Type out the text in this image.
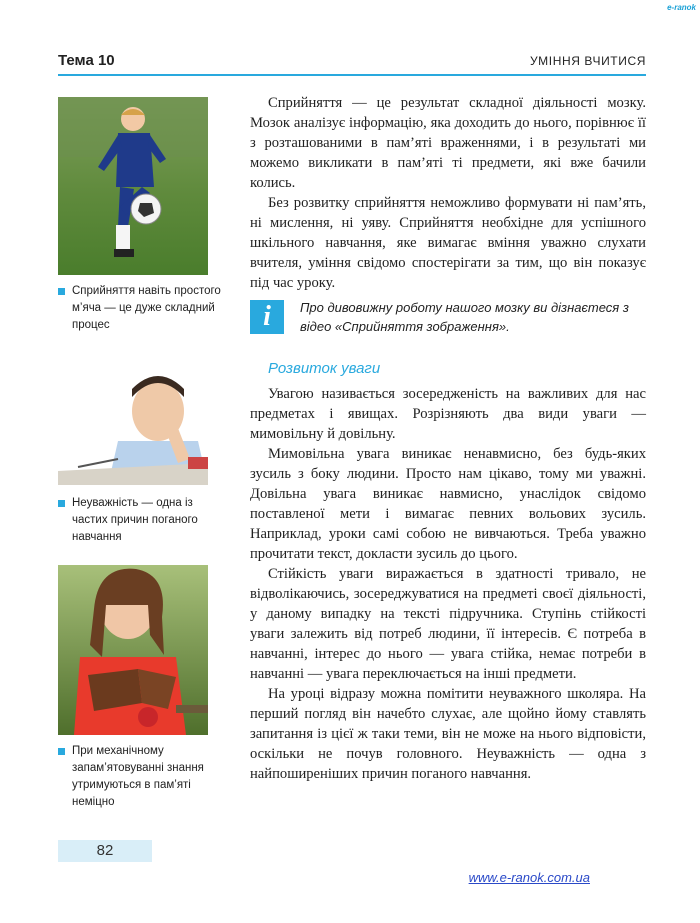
e-ranok
Тема 10	УМІННЯ ВЧИТИСЯ
Сприйняття навіть простого м’яча — це дуже складний процес
Неуважність — одна із частих причин поганого навчання
При механічному запам’ятовуванні знання утримуються в пам’яті неміцно

Сприйняття — це результат складної діяльності мозку. Мозок аналізує інформацію, яка доходить до нього, порівнює її з розташованими в пам’яті враженнями, і в результаті ми можемо викликати в пам’яті ті предмети, які вже бачили колись.

Без розвитку сприйняття неможливо формувати ні пам’ять, ні мислення, ні уяву. Сприйняття необхідне для успішного шкільного навчання, яке вимагає вміння уважно слухати вчителя, уміння свідомо спостерігати за тим, що він показує під час уроку.

i	Про дивовижну роботу нашого мозку ви дізнаєтеся з відео «Сприйняття зображення».
Розвиток уваги

Увагою називається зосередженість на важливих для нас предметах і явищах. Розрізняють два види уваги — мимовільну й довільну.

Мимовільна увага виникає ненавмисно, без будь-яких зусиль з боку людини. Просто нам цікаво, тому ми уважні. Довільна увага виникає навмисно, унаслідок свідомо поставленої мети і вимагає певних вольових зусиль. Наприклад, уроки самі собою не вивчаються. Треба уважно прочитати текст, докласти зусиль до цього.

Стійкість уваги виражається в здатності тривало, не відволікаючись, зосереджуватися на предметі своєї діяльності, у даному випадку на тексті підручника. Ступінь стійкості уваги залежить від потреб людини, її інтересів. Є потреба в навчанні, інтерес до нього — увага стійка, немає потреби в навчанні — увага переключається на інші предмети.

На уроці відразу можна помітити неуважного школяра. На перший погляд він начебто слухає, але щойно йому ставлять запитання із цієї ж таки теми, він не може на нього відповісти, оскільки не почув головного. Неуважність — одна з найпоширеніших причин поганого навчання.

82
www.e-ranok.com.ua
